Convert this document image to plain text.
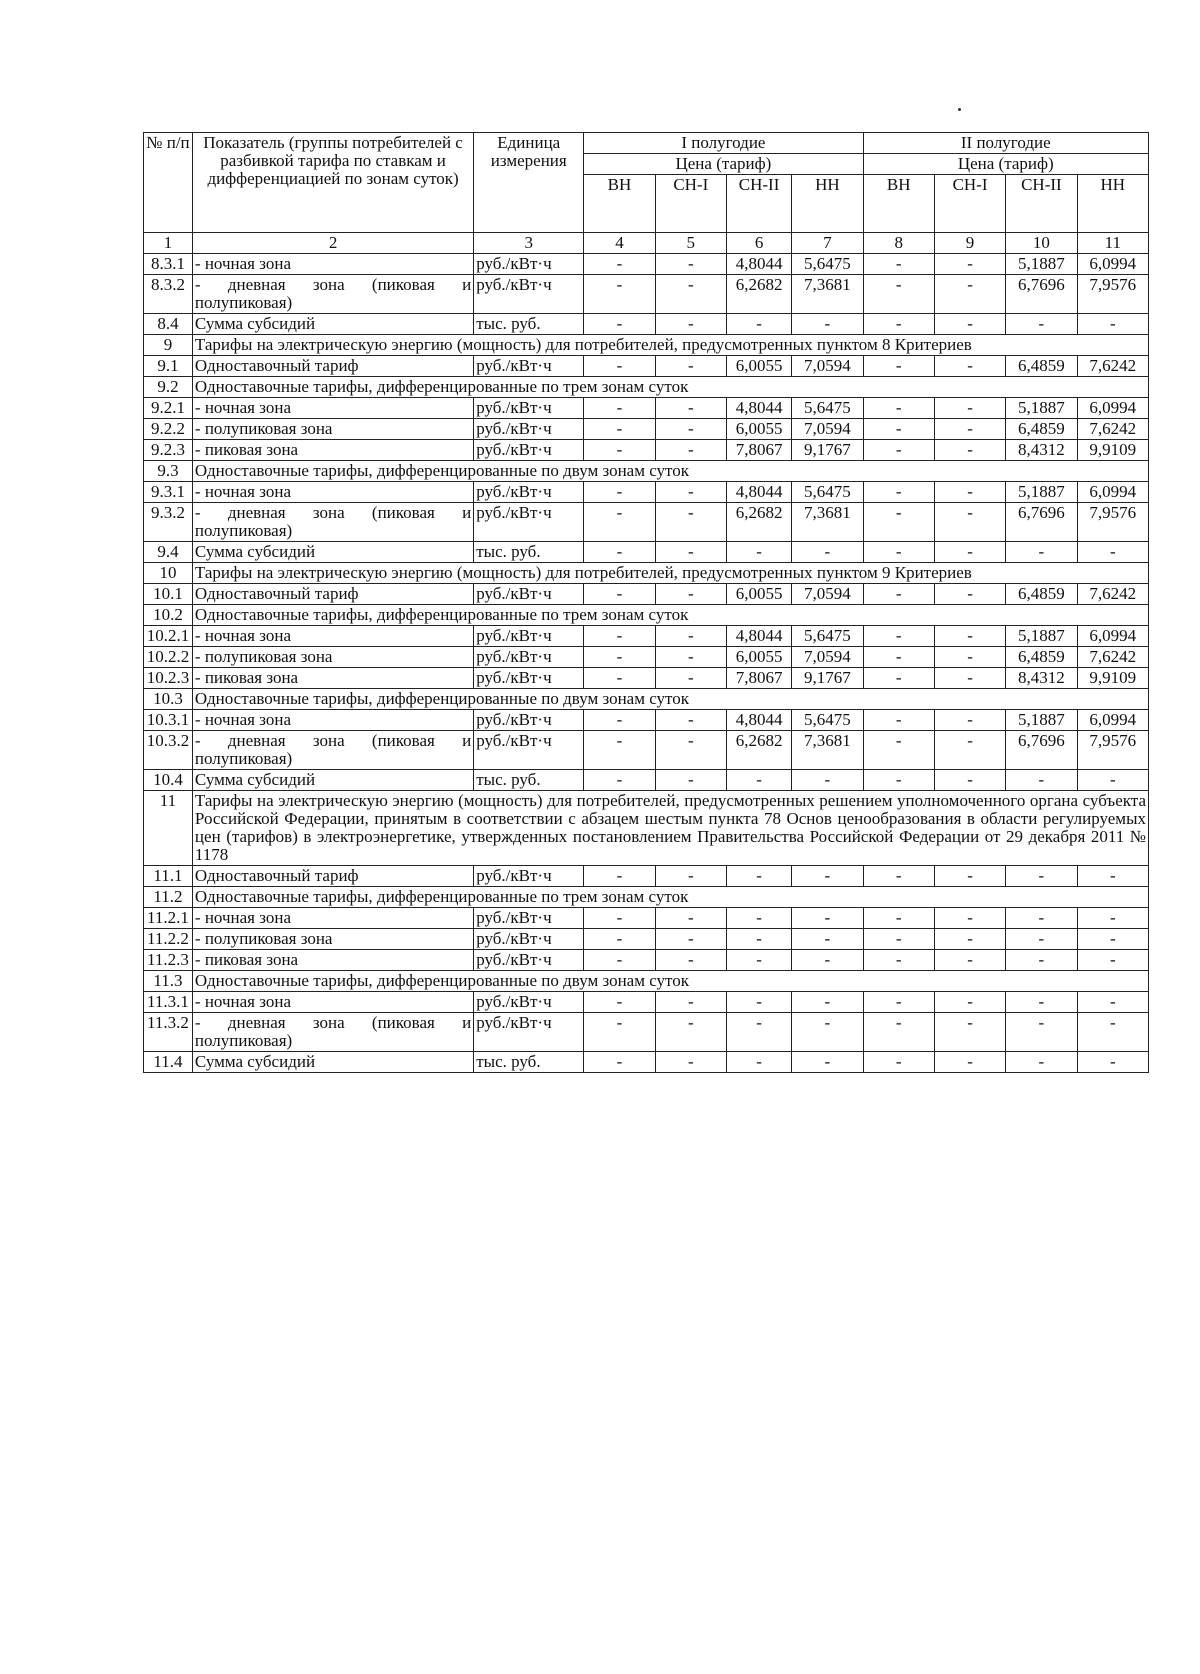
№ п/п	Показатель (группы потребителей с разбивкой тарифа по ставкам и дифференциацией по зонам суток)	Единица измерения	I полугодие				II полугодие			
			Цена (тариф)				Цена (тариф)			
			ВН	СН-I	СН-II	НН	ВН	СН-I	СН-II	НН
1	2	3	4	5	6	7	8	9	10	11
8.3.1	- ночная зона	руб./кВт·ч	-	-	4,8044	5,6475	-	-	5,1887	6,0994
8.3.2	- дневная зона (пиковая и полупиковая)	руб./кВт·ч	-	-	6,2682	7,3681	-	-	6,7696	7,9576
8.4	Сумма субсидий	тыс. руб.	-	-	-	-	-	-	-	-
9	Тарифы на электрическую энергию (мощность) для потребителей, предусмотренных пунктом 8 Критериев									
9.1	Одноставочный тариф	руб./кВт·ч	-	-	6,0055	7,0594	-	-	6,4859	7,6242
9.2	Одноставочные тарифы, дифференцированные по трем зонам суток									
9.2.1	- ночная зона	руб./кВт·ч	-	-	4,8044	5,6475	-	-	5,1887	6,0994
9.2.2	- полупиковая зона	руб./кВт·ч	-	-	6,0055	7,0594	-	-	6,4859	7,6242
9.2.3	- пиковая зона	руб./кВт·ч	-	-	7,8067	9,1767	-	-	8,4312	9,9109
9.3	Одноставочные тарифы, дифференцированные по двум зонам суток									
9.3.1	- ночная зона	руб./кВт·ч	-	-	4,8044	5,6475	-	-	5,1887	6,0994
9.3.2	- дневная зона (пиковая и полупиковая)	руб./кВт·ч	-	-	6,2682	7,3681	-	-	6,7696	7,9576
9.4	Сумма субсидий	тыс. руб.	-	-	-	-	-	-	-	-
10	Тарифы на электрическую энергию (мощность) для потребителей, предусмотренных пунктом 9 Критериев									
10.1	Одноставочный тариф	руб./кВт·ч	-	-	6,0055	7,0594	-	-	6,4859	7,6242
10.2	Одноставочные тарифы, дифференцированные по трем зонам суток									
10.2.1	- ночная зона	руб./кВт·ч	-	-	4,8044	5,6475	-	-	5,1887	6,0994
10.2.2	- полупиковая зона	руб./кВт·ч	-	-	6,0055	7,0594	-	-	6,4859	7,6242
10.2.3	- пиковая зона	руб./кВт·ч	-	-	7,8067	9,1767	-	-	8,4312	9,9109
10.3	Одноставочные тарифы, дифференцированные по двум зонам суток									
10.3.1	- ночная зона	руб./кВт·ч	-	-	4,8044	5,6475	-	-	5,1887	6,0994
10.3.2	- дневная зона (пиковая и полупиковая)	руб./кВт·ч	-	-	6,2682	7,3681	-	-	6,7696	7,9576
10.4	Сумма субсидий	тыс. руб.	-	-	-	-	-	-	-	-
11	Тарифы на электрическую энергию (мощность) для потребителей, предусмотренных решением уполномоченного органа субъекта Российской Федерации, принятым в соответствии с абзацем шестым пункта 78 Основ ценообразования в области регулируемых цен (тарифов) в электроэнергетике, утвержденных постановлением Правительства Российской Федерации от 29 декабря 2011 № 1178									
11.1	Одноставочный тариф	руб./кВт·ч	-	-	-	-	-	-	-	-
11.2	Одноставочные тарифы, дифференцированные по трем зонам суток									
11.2.1	- ночная зона	руб./кВт·ч	-	-	-	-	-	-	-	-
11.2.2	- полупиковая зона	руб./кВт·ч	-	-	-	-	-	-	-	-
11.2.3	- пиковая зона	руб./кВт·ч	-	-	-	-	-	-	-	-
11.3	Одноставочные тарифы, дифференцированные по двум зонам суток									
11.3.1	- ночная зона	руб./кВт·ч	-	-	-	-	-	-	-	-
11.3.2	- дневная зона (пиковая и полупиковая)	руб./кВт·ч	-	-	-	-	-	-	-	-
11.4	Сумма субсидий	тыс. руб.	-	-	-	-	-	-	-	-
